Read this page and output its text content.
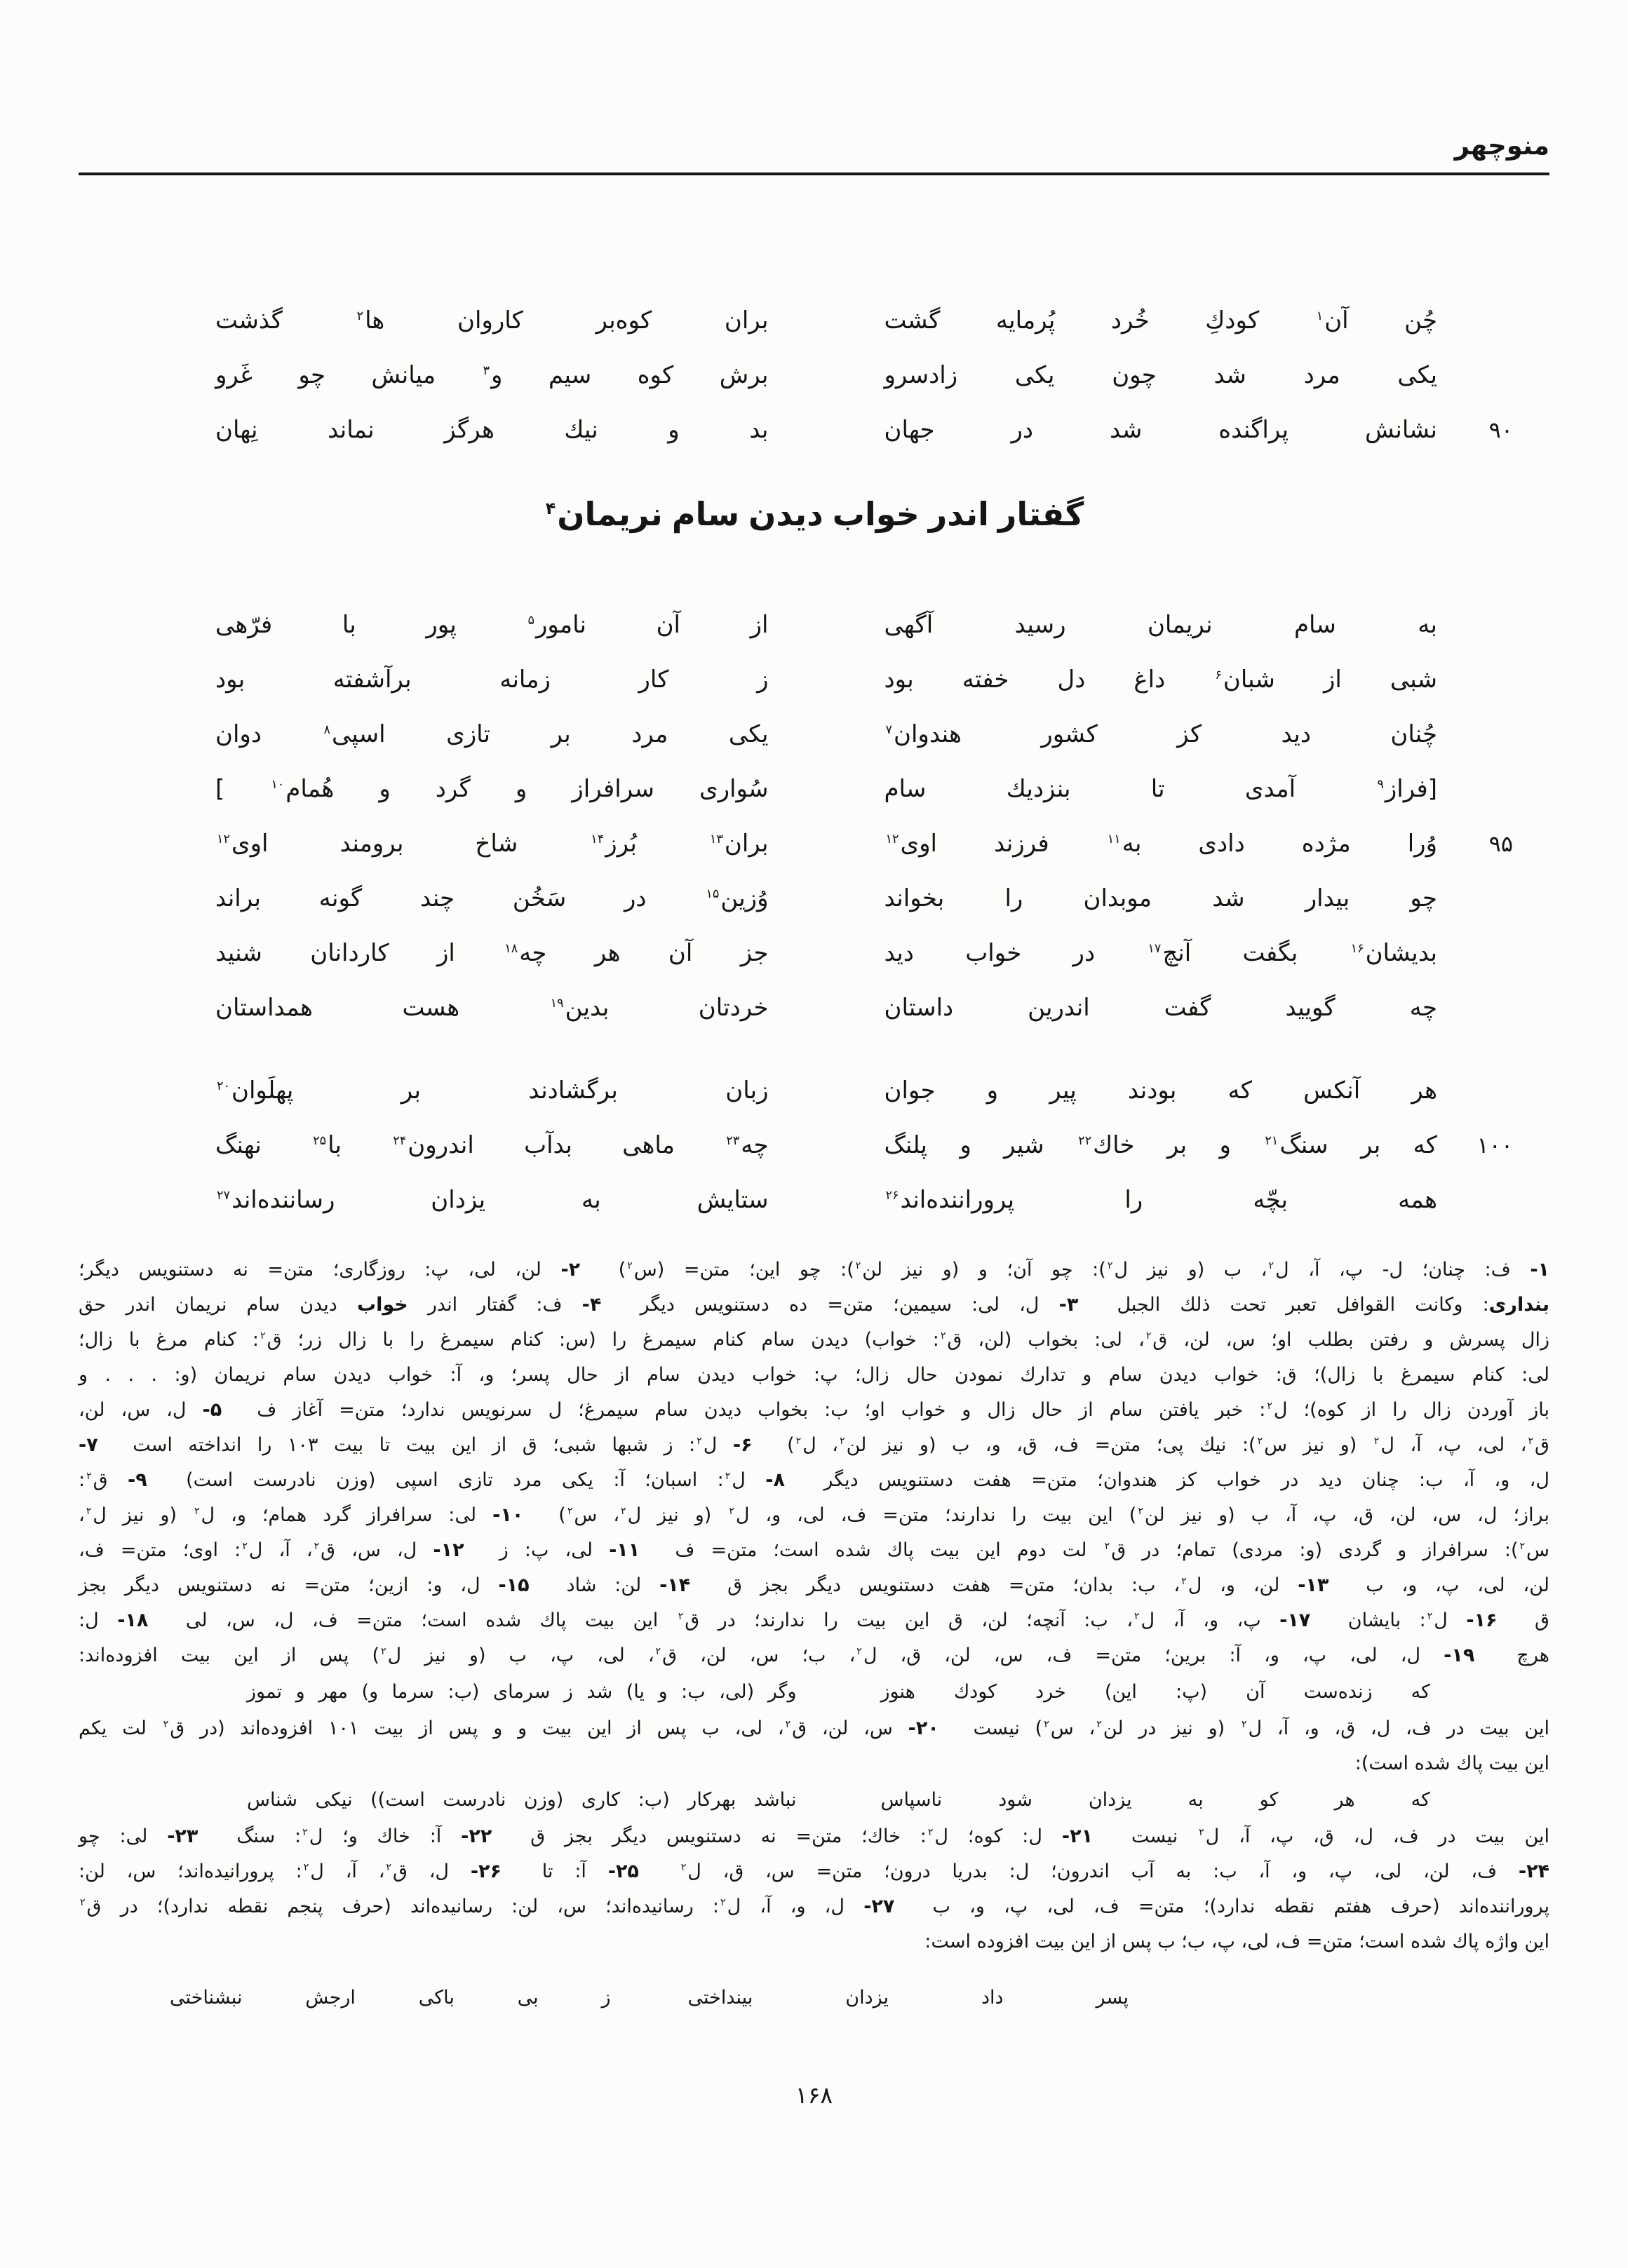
منوچهر
چُن آن$^۱$ كودكِ خُرد پُرمایه گشت
بران كوه‌بر كاروان ها$^۲$ گذشت
یكی مرد شد چون یكی زادسرو
برش كوه سیم و$^۳$ میانش چو غَرو
۹۰
نشانش پراگنده شد در جهان
بد و نیك هرگز نماند نِهان
گفتار اندر خواب دیدن سام نریمان$^۴$
به سام نریمان رسید آگهی
از آن نامور$^۵$ پور با فرّهی
شبی از شبان$^۶$ داغ دل خفته بود
ز كار زمانه برآشفته بود
چُنان دید كز كشور هندوان$^۷$
یكی مرد بر تازی اسپی$^۸$ دوان
[فراز$^۹$ آمدی تا بنزدیك سام
سُواری سرافراز و گرد و هُمام$^{۱۰}$ ]
۹۵
وُرا مژده دادی به$^{۱۱}$ فرزند اوی$^{۱۲}$
بران$^{۱۳}$ بُرز$^{۱۴}$ شاخ برومند اوی$^{۱۲}$
چو بیدار شد موبدان را بخواند
وُزین$^{۱۵}$ در سَخُن چند گونه براند
بدیشان$^{۱۶}$ بگفت آنچ$^{۱۷}$ در خواب دید
جز آن هر چه$^{۱۸}$ از كاردانان شنید
چه گویید گفت اندرین داستان
خردتان بدین$^{۱۹}$ هست همداستان
هر آنكس كه بودند پیر و جوان
زبان برگشادند بر پهلَوان$^{۲۰}$
۱۰۰
كه بر سنگ$^{۲۱}$ و بر خاك$^{۲۲}$ شیر و پلنگ
چه$^{۲۳}$ ماهی بدآب اندرون$^{۲۴}$ با$^{۲۵}$ نهنگ
همه بچّه را پروراننده‌اند$^{۲۶}$
ستایش به یزدان رساننده‌اند$^{۲۷}$
۱- ف: چنان؛ ل- پ، آ، ل$^۲$، ب (و نیز ل$^۲$): چو آن؛ و (و نیز لن$^۲$): چو این؛ متن= (س$^۲$)  ۲- لن، لی، پ: روزگاری؛ متن= نه دستنویس دیگر؛
بنداری: وكانت القوافل تعبر تحت ذلك الجبل  ۳- ل، لی: سیمین؛ متن= ده دستنویس دیگر  ۴- ف: گفتار اندر خواب دیدن سام نریمان اندر حق
زال پسرش و رفتن بطلب او؛ س، لن، ق$^۲$، لی: بخواب (لن، ق$^۲$: خواب) دیدن سام كنام سیمرغ را (س: كنام سیمرغ را با زال زر؛ ق$^۲$: كنام مرغ با زال؛
لی: كنام سیمرغ با زال)؛ ق: خواب دیدن سام و تدارك نمودن حال زال؛ پ: خواب دیدن سام از حال پسر؛ و، آ: خواب دیدن سام نریمان (و: . . . و
باز آوردن زال را از كوه)؛ ل$^۲$: خبر یافتن سام از حال زال و خواب او؛ ب: بخواب دیدن سام سیمرغ؛ ل سرنویس ندارد؛ متن= آغاز ف  ۵- ل، س، لن،
ق$^۲$، لی، پ، آ، ل$^۲$ (و نیز س$^۲$): نیك پی؛ متن= ف، ق، و، ب (و نیز لن$^۲$، ل$^۲$)  ۶- ل$^۲$: ز شبها شبی؛ ق از این بیت تا بیت ۱۰۳ را انداخته است  ۷-
ل، و، آ، ب: چنان دید در خواب كز هندوان؛ متن= هفت دستنویس دیگر  ۸- ل$^۲$: اسبان؛ آ: یكی مرد تازی اسپی (وزن نادرست است)  ۹- ق$^۲$:
براز؛ ل، س، لن، ق، پ، آ، ب (و نیز لن$^۲$) این بیت را ندارند؛ متن= ف، لی، و، ل$^۲$ (و نیز ل$^۲$، س$^۲$)  ۱۰- لی: سرافراز گرد همام؛ و، ل$^۲$ (و نیز ل$^۲$،
س$^۲$): سرافراز و گردی (و: مردی) تمام؛ در ق$^۲$ لت دوم این بیت پاك شده است؛ متن= ف  ۱۱- لی، پ: ز  ۱۲- ل، س، ق$^۲$، آ، ل$^۲$: اوی؛ متن= ف،
لن، لی، پ، و، ب  ۱۳- لن، و، ل$^۲$، ب: بدان؛ متن= هفت دستنویس دیگر بجز ق  ۱۴- لن: شاد  ۱۵- ل، و: ازین؛ متن= نه دستنویس دیگر بجز
ق  ۱۶- ل$^۲$: بایشان  ۱۷- پ، و، آ، ل$^۲$، ب: آنچه؛ لن، ق این بیت را ندارند؛ در ق$^۲$ این بیت پاك شده است؛ متن= ف، ل، س، لی  ۱۸- ل:
هرچ  ۱۹- ل، لی، پ، و، آ: برین؛ متن= ف، س، لن، ق، ل$^۲$، ب؛ س، لن، ق$^۲$، لی، پ، ب (و نیز ل$^۲$) پس از این بیت افزوده‌اند:
كه زنده‌ست آن (پ: این) خرد كودك هنوز
وگر (لی، ب: و یا) شد ز سرمای (ب: سرما و) مهر و تموز
این بیت در ف، ل، ق، و، آ، ل$^۲$ (و نیز در لن$^۲$، س$^۲$) نیست  ۲۰- س، لن، ق$^۲$، لی، ب پس از این بیت و و پس از بیت ۱۰۱ افزوده‌اند (در ق$^۲$ لت یكم
این بیت پاك شده است):
كه هر كو به یزدان شود ناسپاس
نباشد بهركار (ب: كاری (وزن نادرست است)) نیكی شناس
این بیت در ف، ل، ق، پ، آ، ل$^۲$ نیست  ۲۱- ل: كوه؛ ل$^۲$: خاك؛ متن= نه دستنویس دیگر بجز ق  ۲۲- آ: خاك و؛ ل$^۲$: سنگ  ۲۳- لی: چو
۲۴- ف، لن، لی، پ، و، آ، ب: به آب اندرون؛ ل: بدریا درون؛ متن= س، ق، ل$^۲$  ۲۵- آ: تا  ۲۶- ل، ق$^۲$، آ، ل$^۲$: پرورانیده‌اند؛ س، لن:
پروراننده‌اند (حرف هفتم نقطه ندارد)؛ متن= ف، لی، پ، و، ب  ۲۷- ل، و، آ، ل$^۲$: رسانیده‌اند؛ س، لن: رسانیده‌اند (حرف پنجم نقطه ندارد)؛ در ق$^۲$
این واژه پاك شده است؛ متن= ف، لی، پ، ب؛ ب پس از این بیت افزوده است:
پسر داد یزدان بینداختی
ز بی باكی ارجش نبشناختی
۱۶۸
